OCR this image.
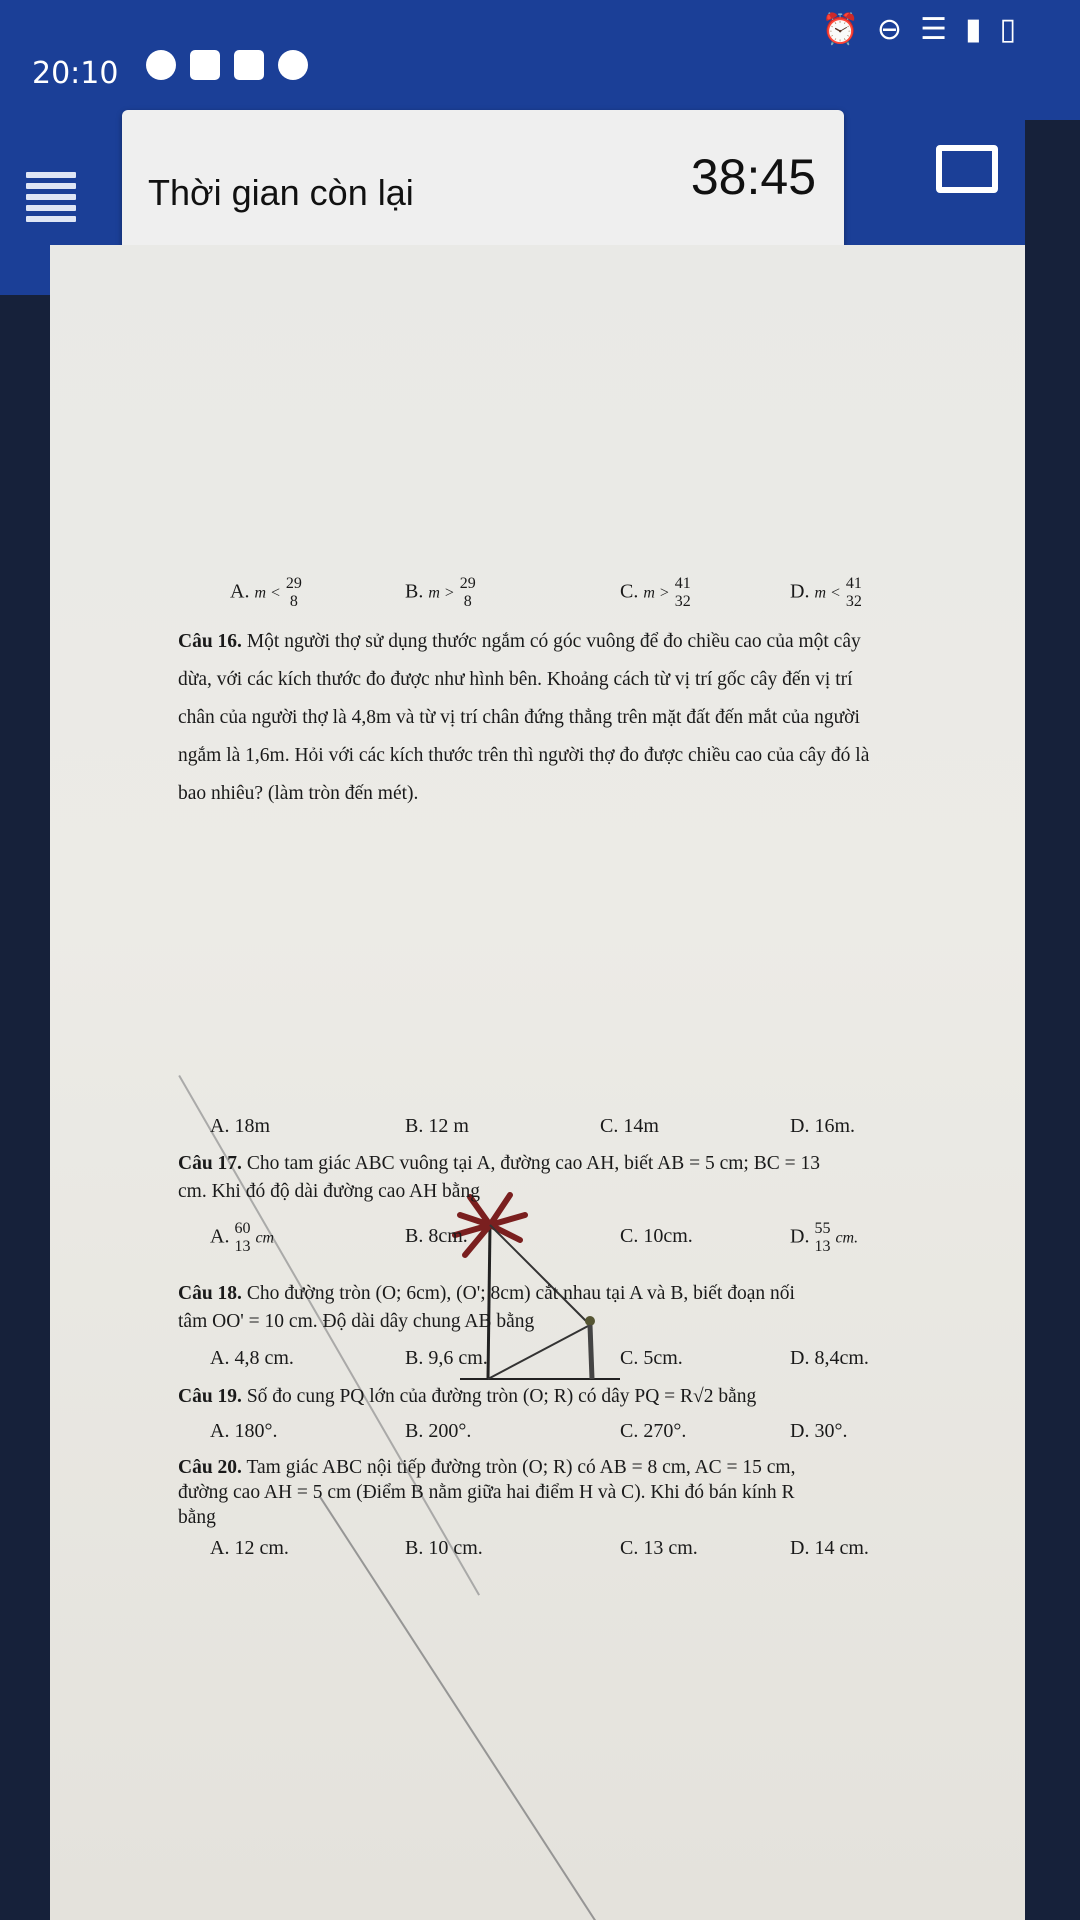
20:10
⏰ ⊖ ☰ ▮ ▯
Thời gian còn lại	38:45
A. m <
29
8	B. m >
29
8	C. m >
41
32	D. m <
41
32
Câu 16. Một người thợ sử dụng thước ngắm có góc vuông để đo chiều cao của một cây
dừa, với các kích thước đo được như hình bên. Khoảng cách từ vị trí gốc cây đến vị trí
chân của người thợ là 4,8m và từ vị trí chân đứng thẳng trên mặt đất đến mắt của người
ngắm là 1,6m. Hỏi với các kích thước trên thì người thợ đo được chiều cao của cây đó là
bao nhiêu? (làm tròn đến mét).
A. 18m	B. 12 m	C. 14m	D. 16m.
Câu 17. Cho tam giác ABC vuông tại A, đường cao AH, biết AB = 5 cm; BC = 13
cm. Khi đó độ dài đường cao AH bằng
A. 60
13 cm	B. 8cm.	C. 10cm.	D. 55
13 cm.
Câu 18. Cho đường tròn (O; 6cm), (O'; 8cm) cắt nhau tại A và B, biết đoạn nối
tâm OO' = 10 cm. Độ dài dây chung AB bằng
A. 4,8 cm.	B. 9,6 cm.	C. 5cm.	D. 8,4cm.
Câu 19. Số đo cung PQ lớn của đường tròn (O; R) có dây PQ = R√2 bằng
A. 180°.	B. 200°.	C. 270°.	D. 30°.
Câu 20. Tam giác ABC nội tiếp đường tròn (O; R) có AB = 8 cm, AC = 15 cm,
đường cao AH = 5 cm (Điểm B nằm giữa hai điểm H và C). Khi đó bán kính R
bằng
A. 12 cm.	B. 10 cm.	C. 13 cm.	D. 14 cm.
